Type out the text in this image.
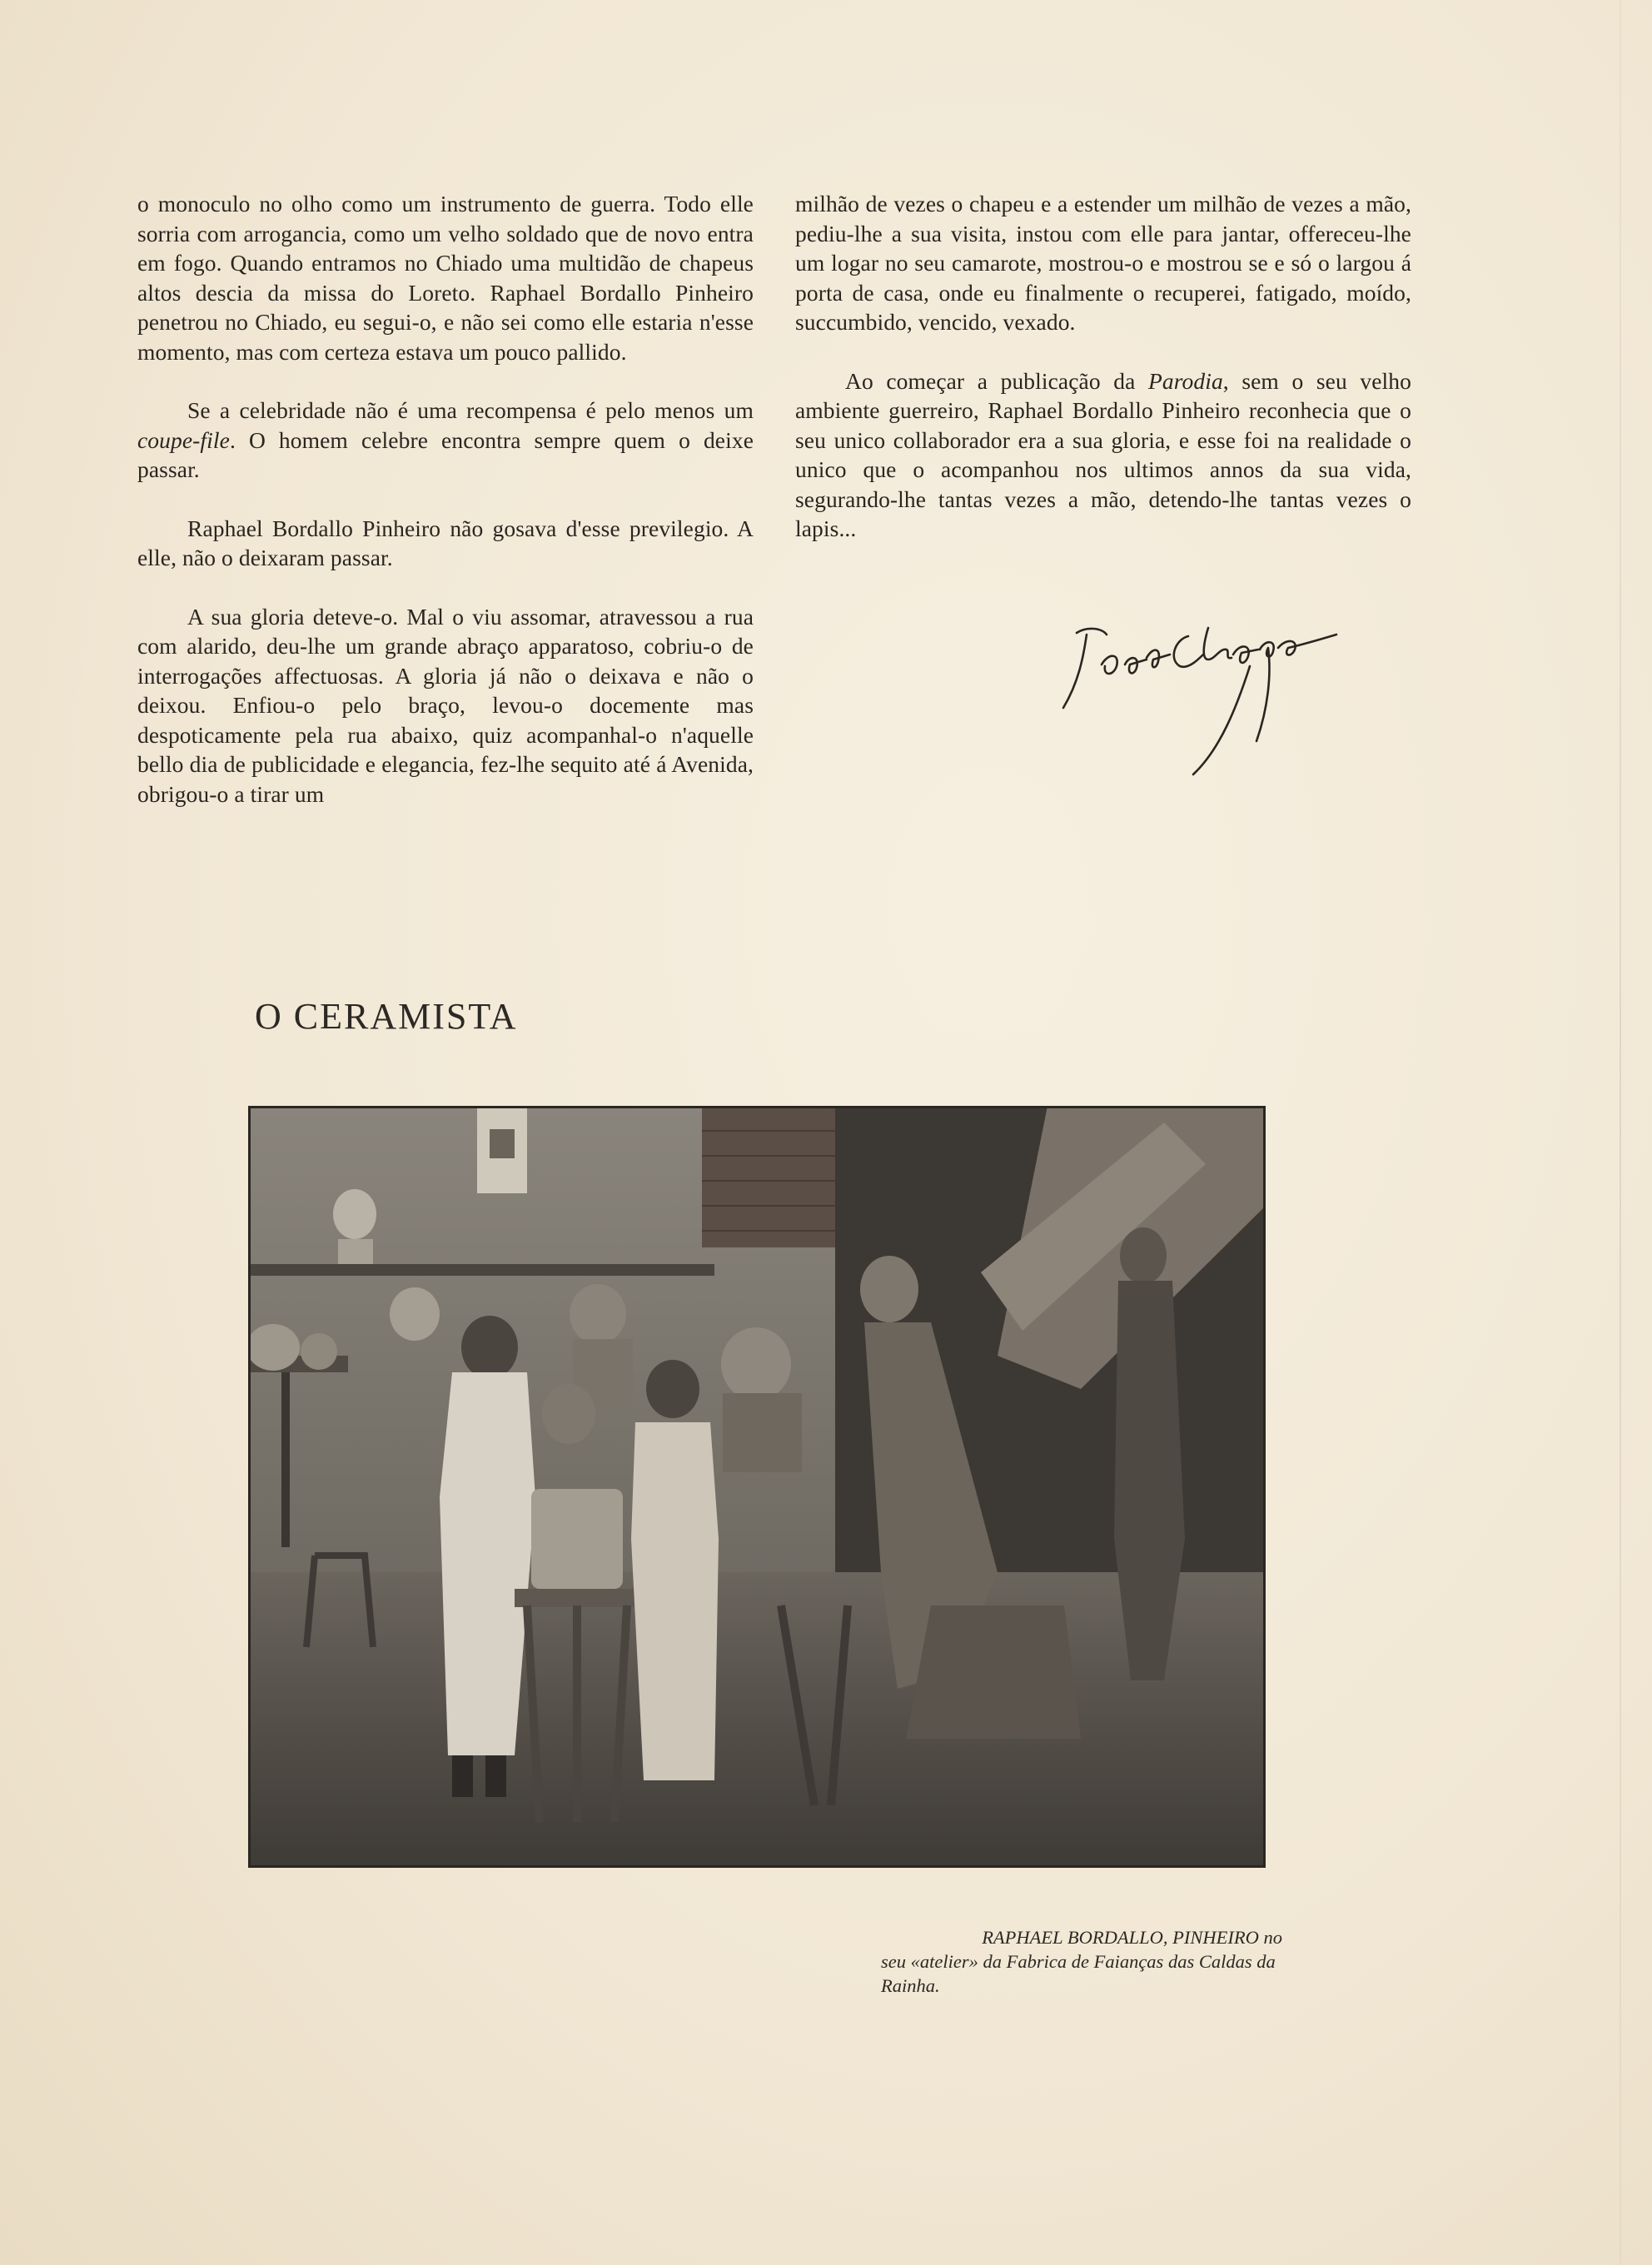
o monoculo no olho como um instrumento de guerra. Todo elle sorria com arrogancia, como um velho soldado que de novo entra em fogo. Quando entramos no Chiado uma multidão de chapeus altos descia da missa do Loreto. Raphael Bordallo Pinheiro penetrou no Chiado, eu segui-o, e não sei como elle estaria n'esse momento, mas com certeza estava um pouco pallido.

Se a celebridade não é uma recompensa é pelo menos um coupe-file. O homem celebre encontra sempre quem o deixe passar.

Raphael Bordallo Pinheiro não gosava d'esse previlegio. A elle, não o deixaram passar.

A sua gloria deteve-o. Mal o viu assomar, atravessou a rua com alarido, deu-lhe um grande abraço apparatoso, cobriu-o de interrogações affectuosas. A gloria já não o deixava e não o deixou. Enfiou-o pelo braço, levou-o docemente mas despoticamente pela rua abaixo, quiz acompanhal-o n'aquelle bello dia de publicidade e elegancia, fez-lhe sequito até á Avenida, obrigou-o a tirar um

milhão de vezes o chapeu e a estender um milhão de vezes a mão, pediu-lhe a sua visita, instou com elle para jantar, offereceu-lhe um logar no seu camarote, mostrou-o e mostrou se e só o largou á porta de casa, onde eu finalmente o recuperei, fatigado, moído, succumbido, vencido, vexado.

Ao começar a publicação da Parodia, sem o seu velho ambiente guerreiro, Raphael Bordallo Pinheiro reconhecia que o seu unico collaborador era a sua gloria, e esse foi na realidade o unico que o acompanhou nos ultimos annos da sua vida, segurando-lhe tantas vezes a mão, detendo-lhe tantas vezes o lapis...

O CERAMISTA

RAPHAEL BORDALLO, PINHEIRO no
seu «atelier» da Fabrica de Faianças das Caldas da Rainha.
